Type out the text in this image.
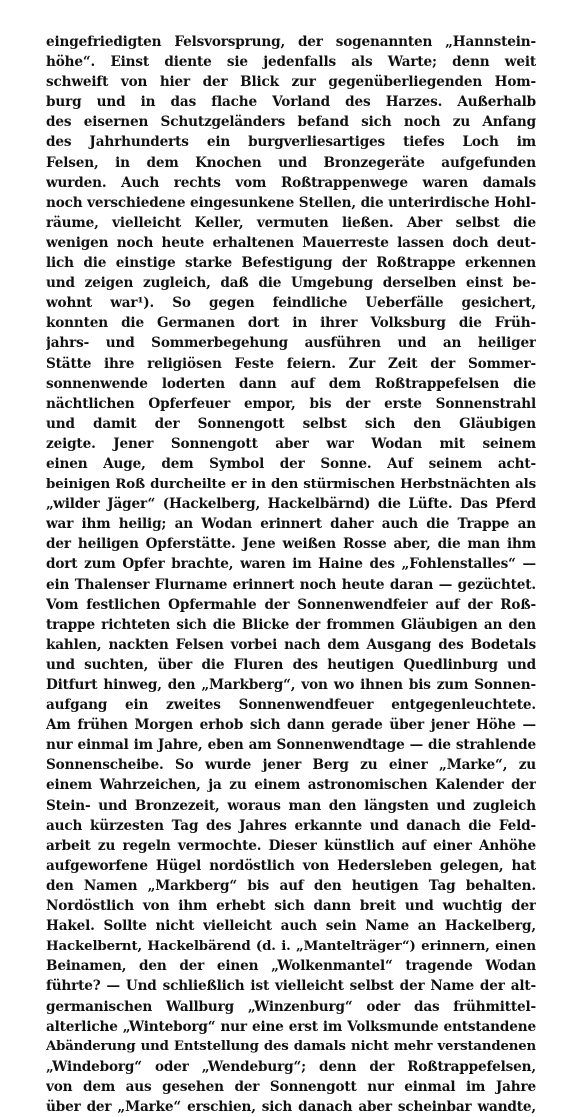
eingefriedigten Felsvorsprung, der sogenannten „Hannstein-
höhe“. Einst diente sie jedenfalls als Warte; denn weit
schweift von hier der Blick zur gegenüberliegenden Hom-
burg und in das flache Vorland des Harzes. Außerhalb
des eisernen Schutzgeländers befand sich noch zu Anfang
des Jahrhunderts ein burgverliesartiges tiefes Loch im
Felsen, in dem Knochen und Bronzegeräte aufgefunden
wurden. Auch rechts vom Roßtrappenwege waren damals
noch verschiedene eingesunkene Stellen, die unterirdische Hohl-
räume, vielleicht Keller, vermuten ließen. Aber selbst die
wenigen noch heute erhaltenen Mauerreste lassen doch deut-
lich die einstige starke Befestigung der Roßtrappe erkennen
und zeigen zugleich, daß die Umgebung derselben einst be-
wohnt war¹). So gegen feindliche Ueberfälle gesichert,
konnten die Germanen dort in ihrer Volksburg die Früh-
jahrs- und Sommerbegehung ausführen und an heiliger
Stätte ihre religiösen Feste feiern. Zur Zeit der Sommer-
sonnenwende loderten dann auf dem Roßtrappefelsen die
nächtlichen Opferfeuer empor, bis der erste Sonnenstrahl
und damit der Sonnengott selbst sich den Gläubigen
zeigte. Jener Sonnengott aber war Wodan mit seinem
einen Auge, dem Symbol der Sonne. Auf seinem acht-
beinigen Roß durcheilte er in den stürmischen Herbstnächten als
„wilder Jäger“ (Hackelberg, Hackelbärnd) die Lüfte. Das Pferd
war ihm heilig; an Wodan erinnert daher auch die Trappe an
der heiligen Opferstätte. Jene weißen Rosse aber, die man ihm
dort zum Opfer brachte, waren im Haine des „Fohlenstalles“ —
ein Thalenser Flurname erinnert noch heute daran — gezüchtet.
Vom festlichen Opfermahle der Sonnenwendfeier auf der Roß-
trappe richteten sich die Blicke der frommen Gläubigen an den
kahlen, nackten Felsen vorbei nach dem Ausgang des Bodetals
und suchten, über die Fluren des heutigen Quedlinburg und
Ditfurt hinweg, den „Markberg“, von wo ihnen bis zum Sonnen-
aufgang ein zweites Sonnenwendfeuer entgegenleuchtete.
Am frühen Morgen erhob sich dann gerade über jener Höhe —
nur einmal im Jahre, eben am Sonnenwendtage — die strahlende
Sonnenscheibe. So wurde jener Berg zu einer „Marke“, zu
einem Wahrzeichen, ja zu einem astronomischen Kalender der
Stein- und Bronzezeit, woraus man den längsten und zugleich
auch kürzesten Tag des Jahres erkannte und danach die Feld-
arbeit zu regeln vermochte. Dieser künstlich auf einer Anhöhe
aufgeworfene Hügel nordöstlich von Hedersleben gelegen, hat
den Namen „Markberg“ bis auf den heutigen Tag behalten.
Nordöstlich von ihm erhebt sich dann breit und wuchtig der
Hakel. Sollte nicht vielleicht auch sein Name an Hackelberg,
Hackelbernt, Hackelbärend (d. i. „Mantelträger“) erinnern, einen
Beinamen, den der einen „Wolkenmantel“ tragende Wodan
führte? — Und schließlich ist vielleicht selbst der Name der alt-
germanischen Wallburg „Winzenburg“ oder das frühmittel-
alterliche „Winteborg“ nur eine erst im Volksmunde entstandene
Abänderung und Entstellung des damals nicht mehr verstandenen
„Windeborg“ oder „Wendeburg“; denn der Roßtrappefelsen,
von dem aus gesehen der Sonnengott nur einmal im Jahre
über der „Marke“ erschien, sich danach aber scheinbar wandte,
